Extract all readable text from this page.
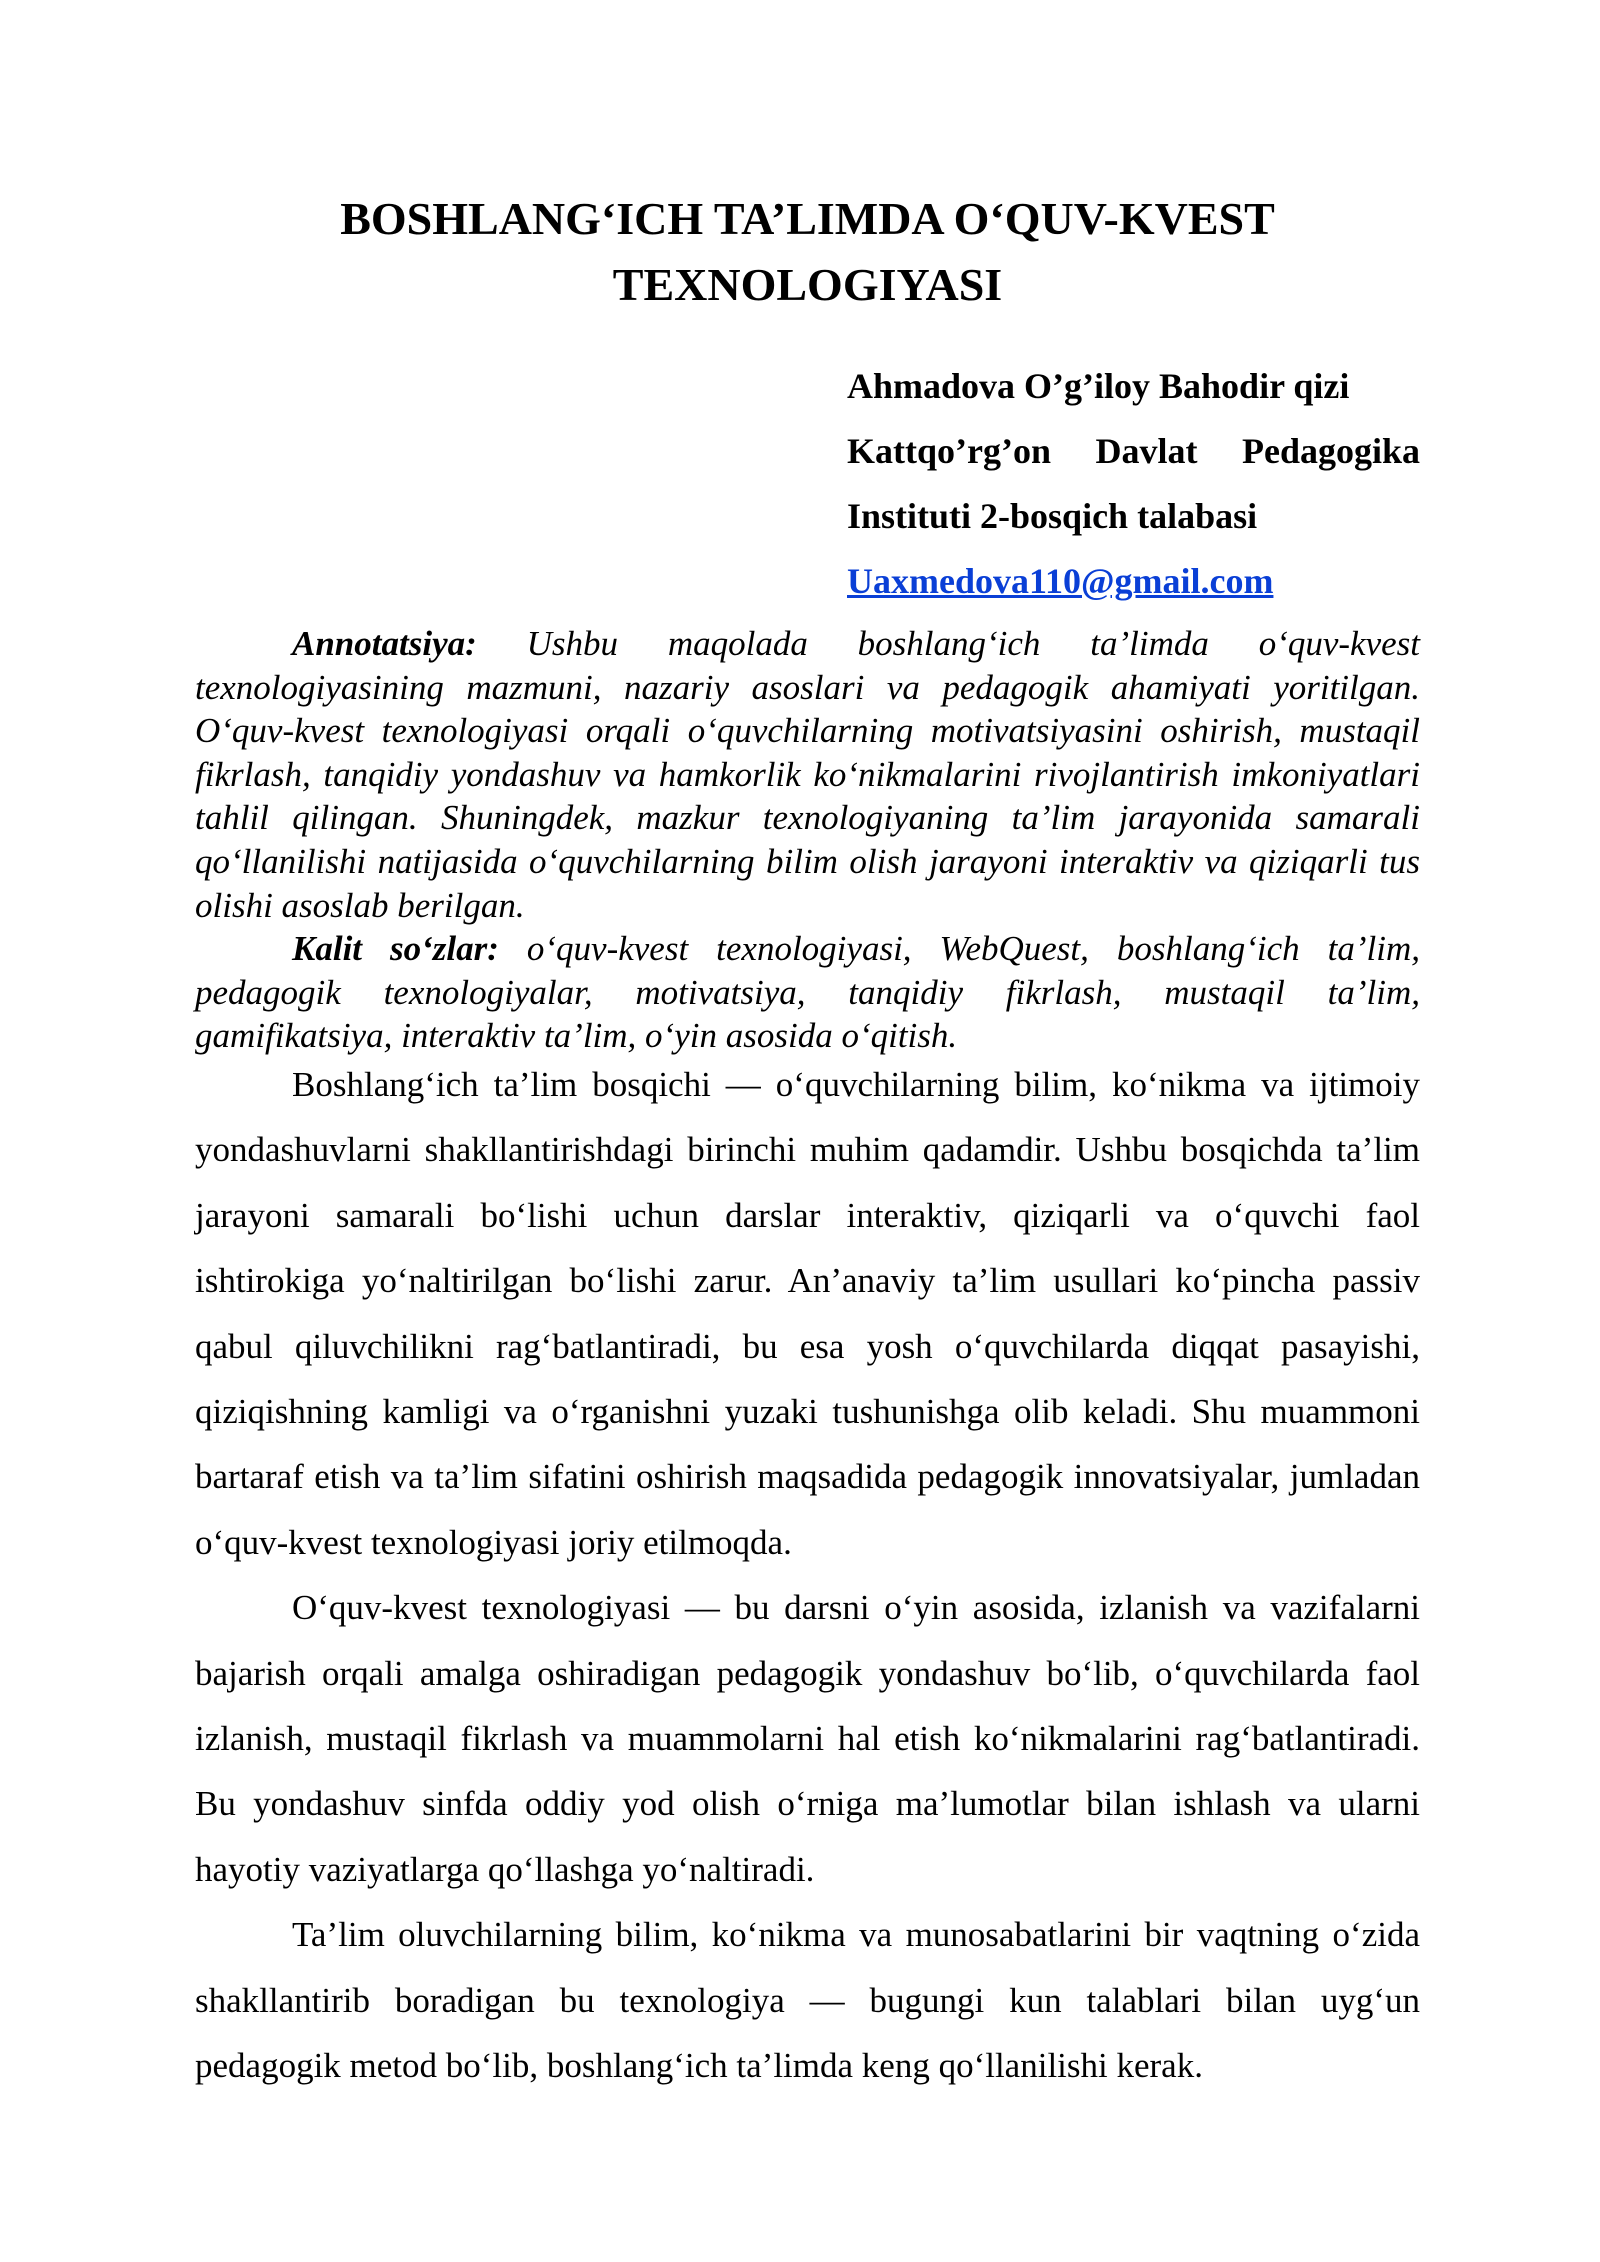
BOSHLANG‘ICH TA’LIMDA O‘QUV-KVEST
TEXNOLOGIYASI
Ahmadova O’g’iloy Bahodir qizi
Kattqo’rg’on Davlat Pedagogika
Instituti 2-bosqich talabasi
Uaxmedova110@gmail.com

Annotatsiya: Ushbu maqolada boshlang‘ich ta’limda o‘quv-kvest texnologiyasining mazmuni, nazariy asoslari va pedagogik ahamiyati yoritilgan. O‘quv-kvest texnologiyasi orqali o‘quvchilarning motivatsiyasini oshirish, mustaqil fikrlash, tanqidiy yondashuv va hamkorlik ko‘nikmalarini rivojlantirish imkoniyatlari tahlil qilingan. Shuningdek, mazkur texnologiyaning ta’lim jarayonida samarali qo‘llanilishi natijasida o‘quvchilarning bilim olish jarayoni interaktiv va qiziqarli tus olishi asoslab berilgan.

Kalit so‘zlar: o‘quv-kvest texnologiyasi, WebQuest, boshlang‘ich ta’lim, pedagogik texnologiyalar, motivatsiya, tanqidiy fikrlash, mustaqil ta’lim, gamifikatsiya, interaktiv ta’lim, o‘yin asosida o‘qitish.

Boshlang‘ich ta’lim bosqichi — o‘quvchilarning bilim, ko‘nikma va ijtimoiy yondashuvlarni shakllantirishdagi birinchi muhim qadamdir. Ushbu bosqichda ta’lim jarayoni samarali bo‘lishi uchun darslar interaktiv, qiziqarli va o‘quvchi faol ishtirokiga yo‘naltirilgan bo‘lishi zarur. An’anaviy ta’lim usullari ko‘pincha passiv qabul qiluvchilikni rag‘batlantiradi, bu esa yosh o‘quvchilarda diqqat pasayishi, qiziqishning kamligi va o‘rganishni yuzaki tushunishga olib keladi. Shu muammoni bartaraf etish va ta’lim sifatini oshirish maqsadida pedagogik innovatsiyalar, jumladan o‘quv-kvest texnologiyasi joriy etilmoqda.

O‘quv-kvest texnologiyasi — bu darsni o‘yin asosida, izlanish va vazifalarni bajarish orqali amalga oshiradigan pedagogik yondashuv bo‘lib, o‘quvchilarda faol izlanish, mustaqil fikrlash va muammolarni hal etish ko‘nikmalarini rag‘batlantiradi. Bu yondashuv sinfda oddiy yod olish o‘rniga ma’lumotlar bilan ishlash va ularni hayotiy vaziyatlarga qo‘llashga yo‘naltiradi.

Ta’lim oluvchilarning bilim, ko‘nikma va munosabatlarini bir vaqtning o‘zida shakllantirib boradigan bu texnologiya — bugungi kun talablari bilan uyg‘un pedagogik metod bo‘lib, boshlang‘ich ta’limda keng qo‘llanilishi kerak.
